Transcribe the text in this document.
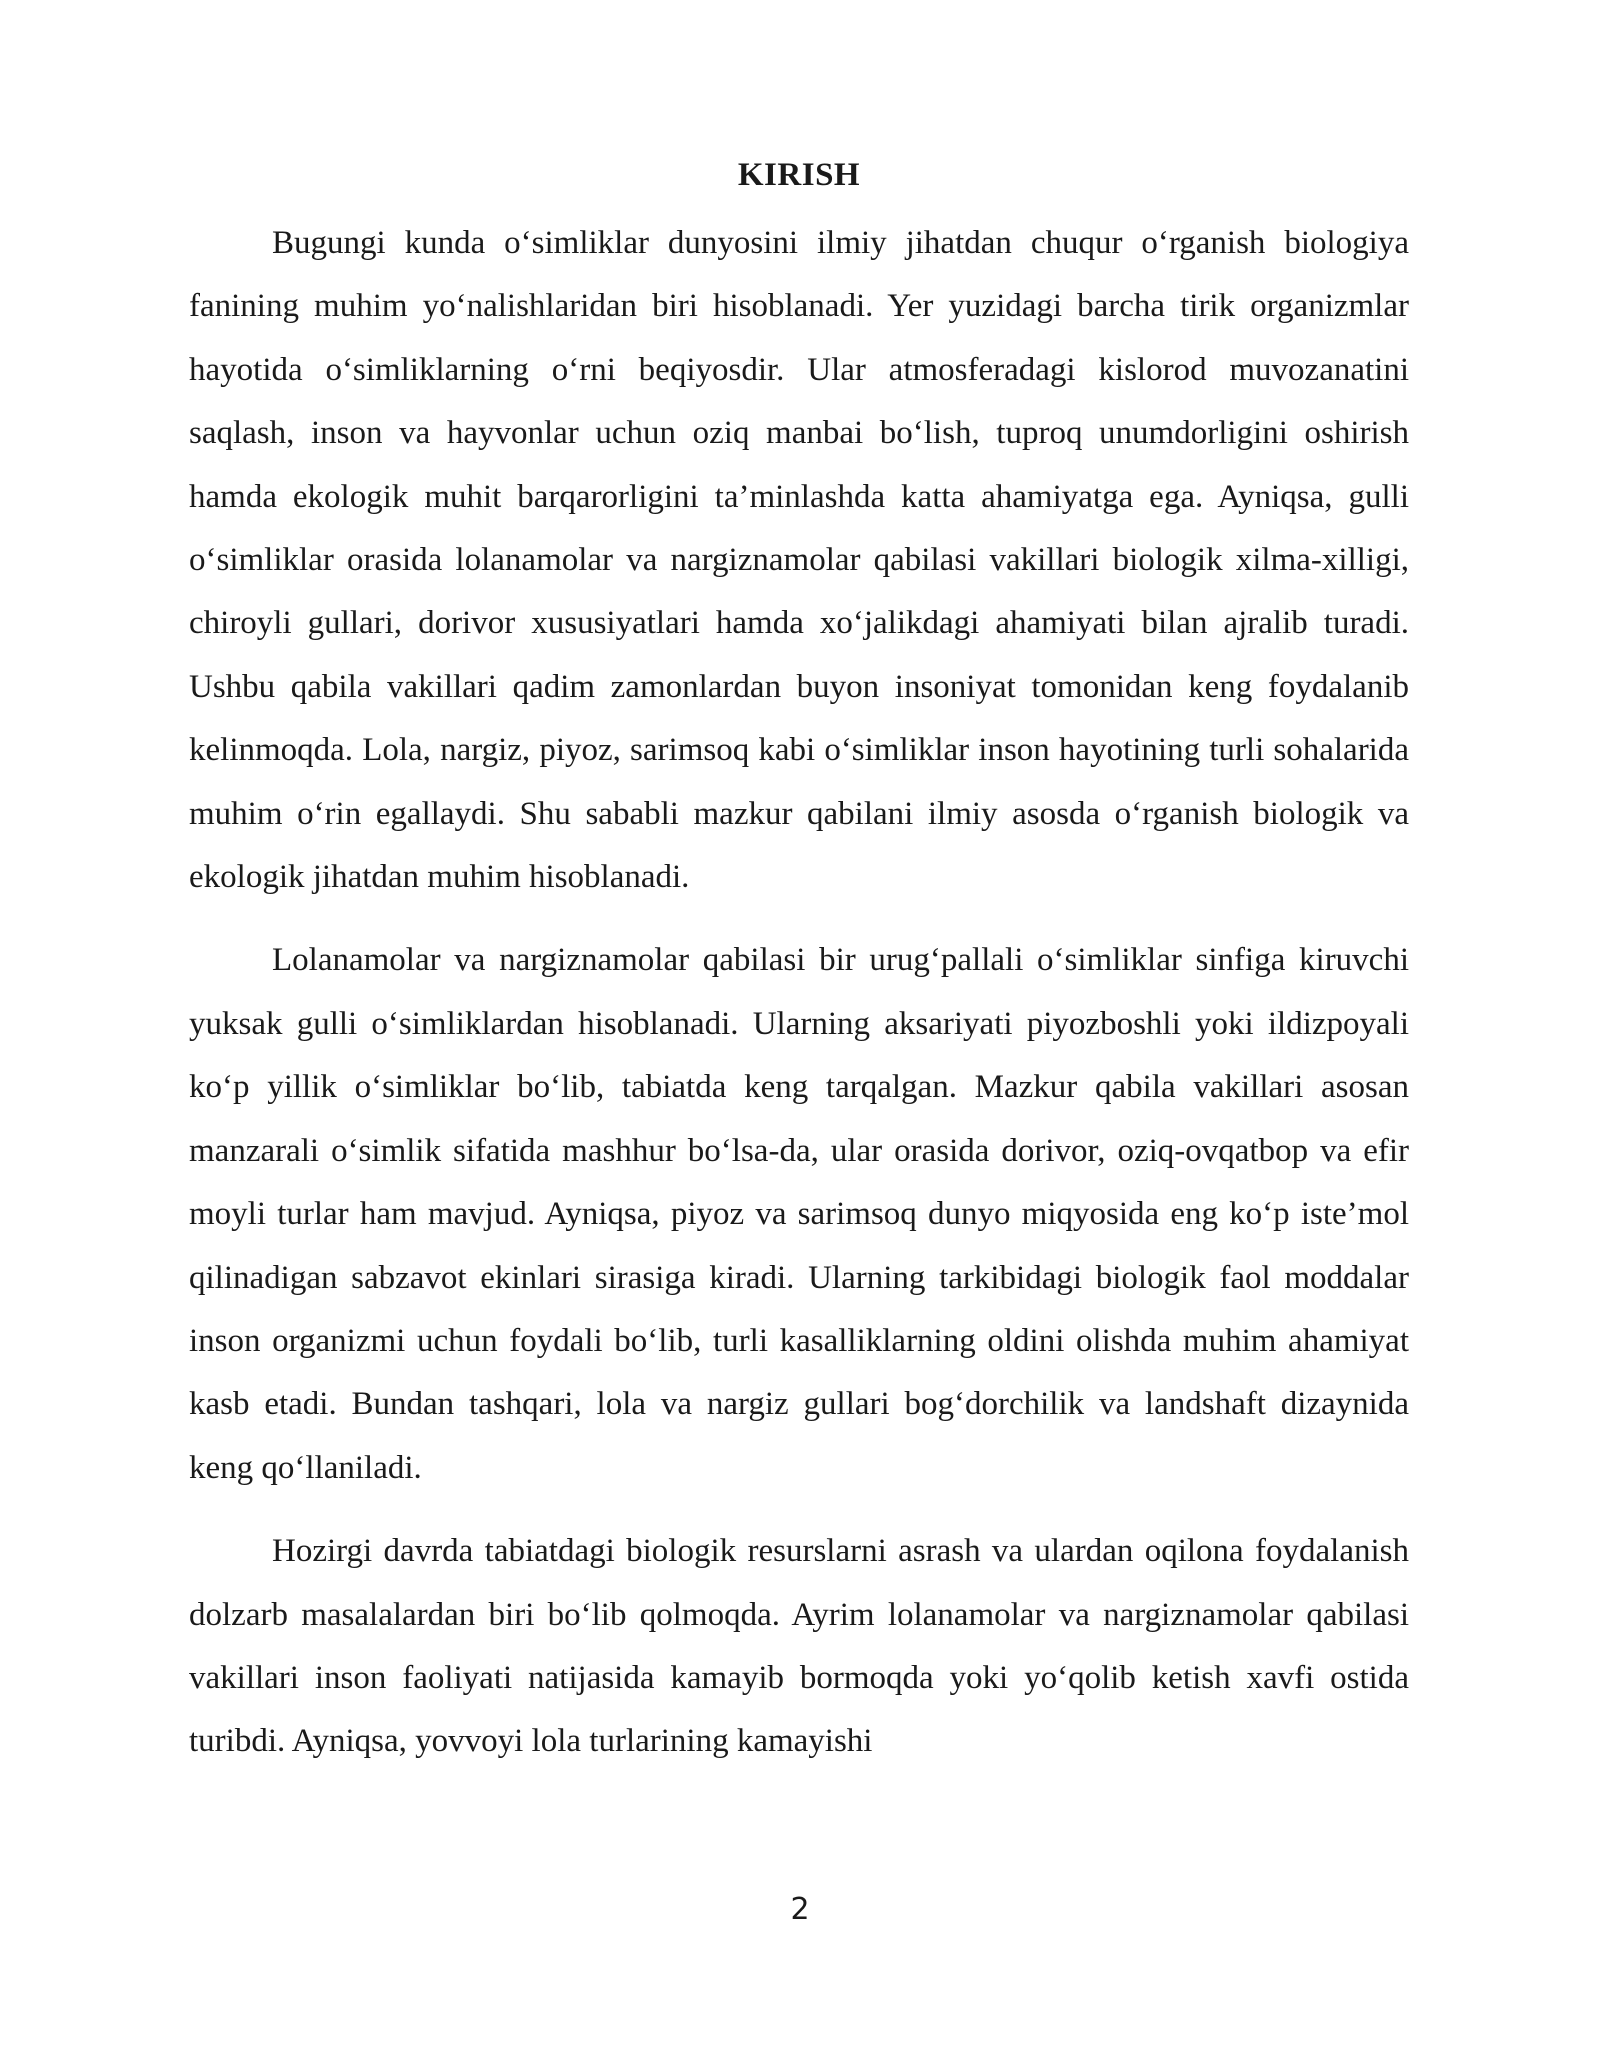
KIRISH

Bugungi kunda o‘simliklar dunyosini ilmiy jihatdan chuqur o‘rganish biologiya fanining muhim yo‘nalishlaridan biri hisoblanadi. Yer yuzidagi barcha tirik organizmlar hayotida o‘simliklarning o‘rni beqiyosdir. Ular atmosferadagi kislorod muvozanatini saqlash, inson va hayvonlar uchun oziq manbai bo‘lish, tuproq unumdorligini oshirish hamda ekologik muhit barqarorligini ta’minlashda katta ahamiyatga ega. Ayniqsa, gulli o‘simliklar orasida lolanamolar va nargiznamolar qabilasi vakillari biologik xilma-xilligi, chiroyli gullari, dorivor xususiyatlari hamda xo‘jalikdagi ahamiyati bilan ajralib turadi. Ushbu qabila vakillari qadim zamonlardan buyon insoniyat tomonidan keng foydalanib kelinmoqda. Lola, nargiz, piyoz, sarimsoq kabi o‘simliklar inson hayotining turli sohalarida muhim o‘rin egallaydi. Shu sababli mazkur qabilani ilmiy asosda o‘rganish biologik va ekologik jihatdan muhim hisoblanadi.

Lolanamolar va nargiznamolar qabilasi bir urug‘pallali o‘simliklar sinfiga kiruvchi yuksak gulli o‘simliklardan hisoblanadi. Ularning aksariyati piyozboshli yoki ildizpoyali ko‘p yillik o‘simliklar bo‘lib, tabiatda keng tarqalgan. Mazkur qabila vakillari asosan manzarali o‘simlik sifatida mashhur bo‘lsa-da, ular orasida dorivor, oziq-ovqatbop va efir moyli turlar ham mavjud. Ayniqsa, piyoz va sarimsoq dunyo miqyosida eng ko‘p iste’mol qilinadigan sabzavot ekinlari sirasiga kiradi. Ularning tarkibidagi biologik faol moddalar inson organizmi uchun foydali bo‘lib, turli kasalliklarning oldini olishda muhim ahamiyat kasb etadi. Bundan tashqari, lola va nargiz gullari bog‘dorchilik va landshaft dizaynida keng qo‘llaniladi.

Hozirgi davrda tabiatdagi biologik resurslarni asrash va ulardan oqilona foydalanish dolzarb masalalardan biri bo‘lib qolmoqda. Ayrim lolanamolar va nargiznamolar qabilasi vakillari inson faoliyati natijasida kamayib bormoqda yoki yo‘qolib ketish xavfi ostida turibdi. Ayniqsa, yovvoyi lola turlarining kamayishi

2
